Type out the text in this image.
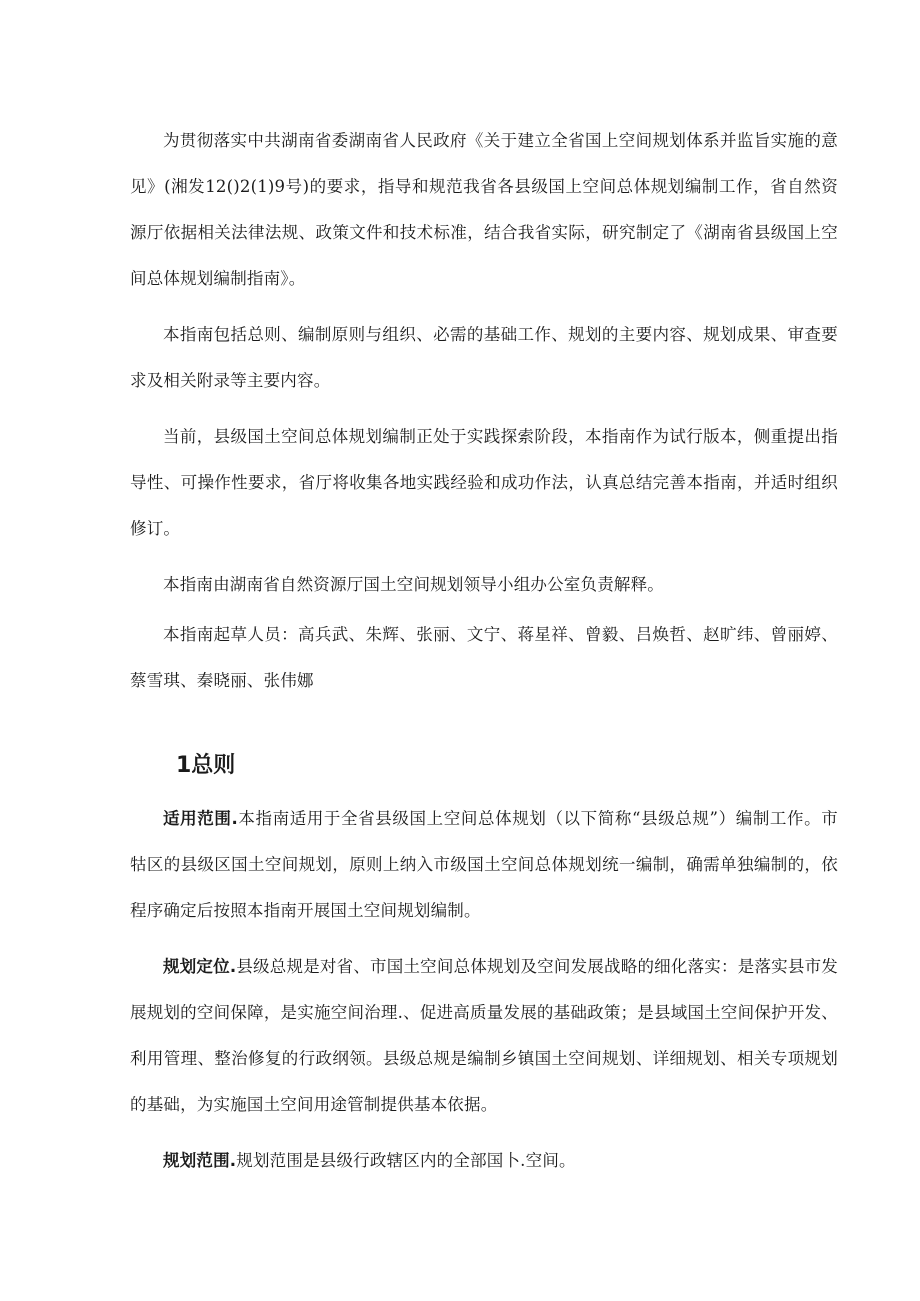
为贯彻落实中共湖南省委湖南省人民政府《关于建立全省国上空间规划体系并监旨实施的意见》(湘发12()2(1)9号)的要求，指导和规范我省各县级国上空间总体规划编制工作，省自然资源厅依据相关法律法规、政策文件和技术标准，结合我省实际，研究制定了《湖南省县级国上空间总体规划编制指南》。

本指南包括总则、编制原则与组织、必需的基础工作、规划的主要内容、规划成果、审查要求及相关附录等主要内容。

当前，县级国土空间总体规划编制正处于实践探索阶段，本指南作为试行版本，侧重提出指导性、可操作性要求，省厅将收集各地实践经验和成功作法，认真总结完善本指南，并适时组织修订。

本指南由湖南省自然资源厅国土空间规划领导小组办公室负责解释。

本指南起草人员：高兵武、朱辉、张丽、文宁、蒋星祥、曾毅、吕焕哲、赵旷纬、曾丽婷、蔡雪琪、秦晓丽、张伟娜

1总则

适用范围.本指南适用于全省县级国上空间总体规划（以下简称“县级总规”）编制工作。市牯区的县级区国土空间规划，原则上纳入市级国土空间总体规划统一编制，确需单独编制的，依程序确定后按照本指南开展国土空间规划编制。

规划定位.县级总规是对省、市国土空间总体规划及空间发展战略的细化落实：是落实县市发展规划的空间保障，是实施空间治理.、促进高质量发展的基础政策；是县域国土空间保护开发、利用管理、整治修复的行政纲领。县级总规是编制乡镇国土空间规划、详细规划、相关专项规划的基础，为实施国土空间用途管制提供基本依据。

规划范围.规划范围是县级行政辖区内的全部国卜.空间。
